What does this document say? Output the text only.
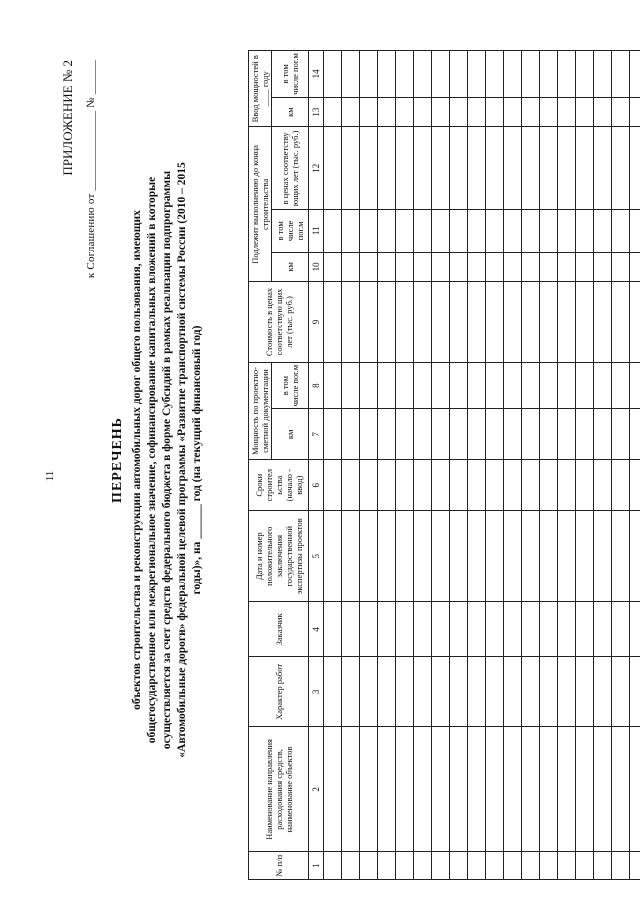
11
ПРИЛОЖЕНИЕ № 2 к Соглашению от ______________ № ______
ПЕРЕЧЕНЬ объектов строительства и реконструкции автомобильных дорог общего пользования, имеющих общегосударственное или межрегиональное значение, софинансирование капитальных вложений в которые осуществляется за счет средств федерального бюджета в форме Субсидий в рамках реализации подпрограммы «Автомобильные дороги» федеральной целевой программы «Развитие транспортной системы России (2010 – 2015 годы)», на ______ год (на текущий финансовый год)
№ п/п	Наименование направления расходования средств, наименование объектов	Характер работ	Заказчик	Дата и номер положительного заключения государственной экспертизы проектов	Сроки строител ьства (начало - ввод)	Мощность по проектно-сметной документации		Стоимость в ценах соответствую щих лет (тыс. руб.)	Подлежит выполнению до конца строительства			Ввод мощностей в ____ году	
						км	в том числе пог.м		км	в том числе пог.м	в ценах соответству ющих лет (тыс. руб.)	км	в том числе пог.м
1	2	3	4	5	6	7	8	9	10	11	12	13	14
